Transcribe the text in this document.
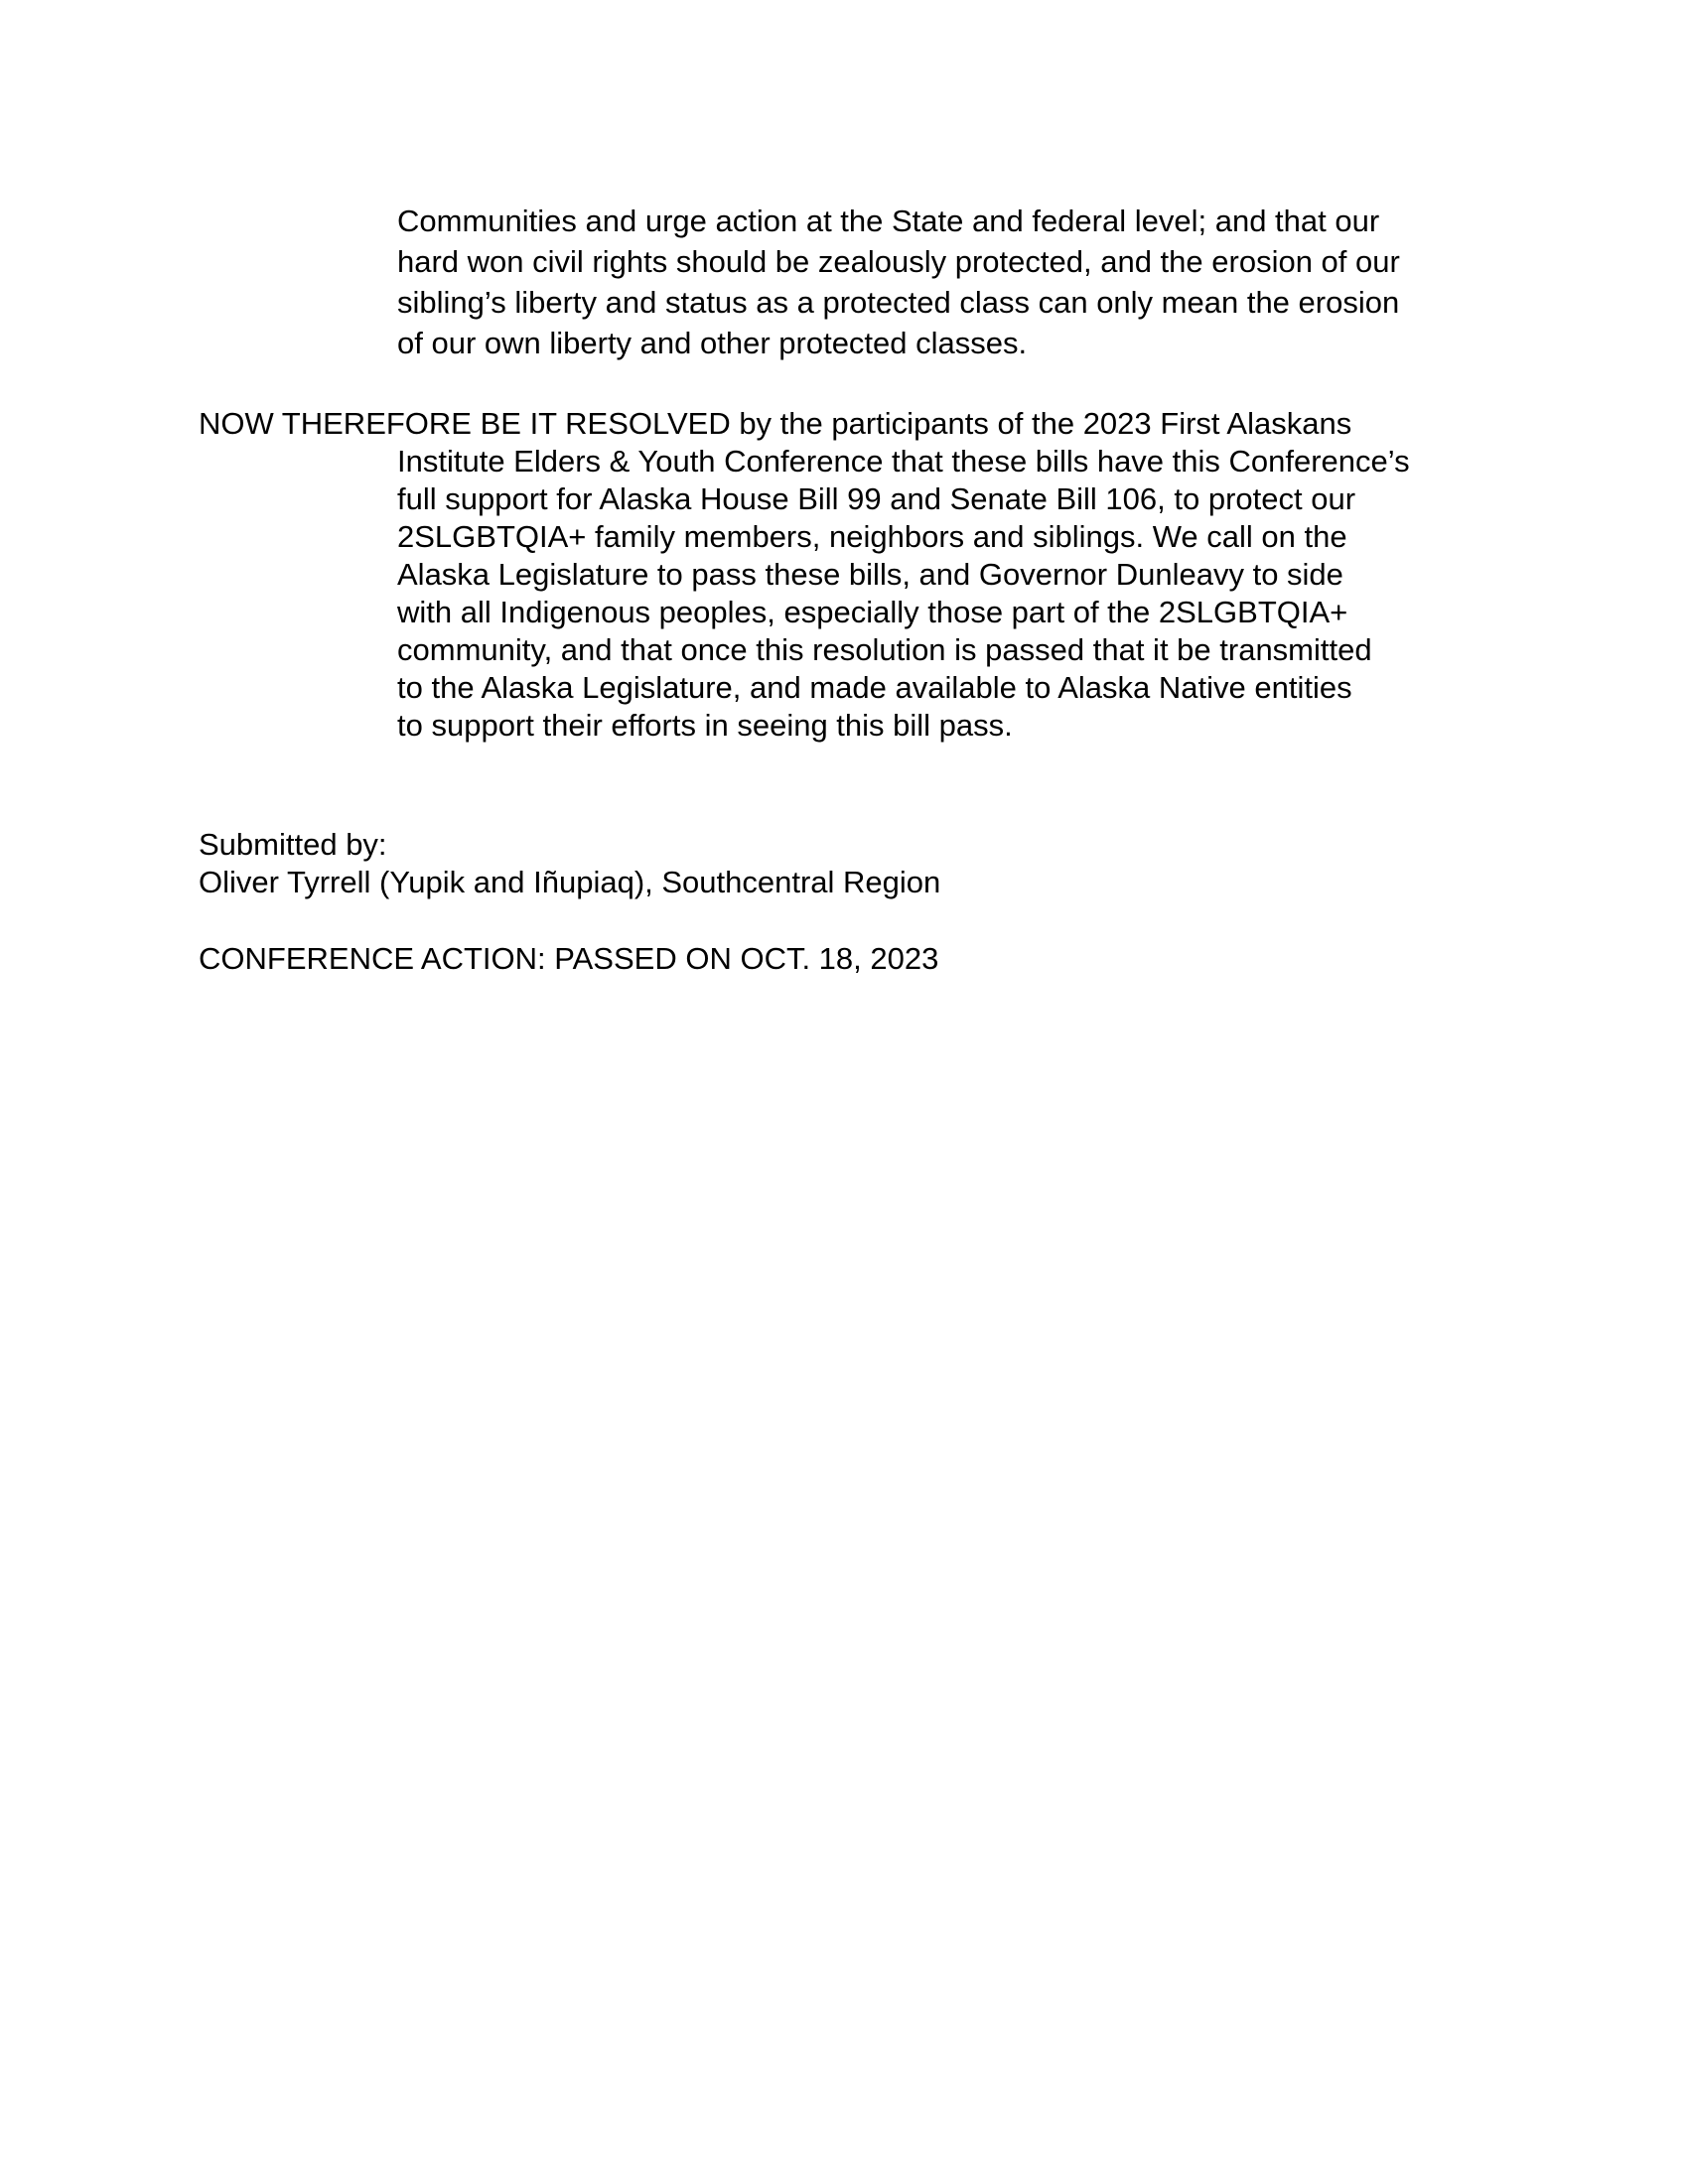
Communities and urge action at the State and federal level; and that our
hard won civil rights should be zealously protected, and the erosion of our
sibling’s liberty and status as a protected class can only mean the erosion
of our own liberty and other protected classes.
NOW THEREFORE BE IT RESOLVED by the participants of the 2023 First Alaskans
Institute Elders & Youth Conference that these bills have this Conference’s
full support for Alaska House Bill 99 and Senate Bill 106, to protect our
2SLGBTQIA+ family members, neighbors and siblings. We call on the
Alaska Legislature to pass these bills, and Governor Dunleavy to side
with all Indigenous peoples, especially those part of the 2SLGBTQIA+
community, and that once this resolution is passed that it be transmitted
to the Alaska Legislature, and made available to Alaska Native entities
to support their efforts in seeing this bill pass.
Submitted by:
Oliver Tyrrell (Yupik and Iñupiaq), Southcentral Region
CONFERENCE ACTION: PASSED ON OCT. 18, 2023
